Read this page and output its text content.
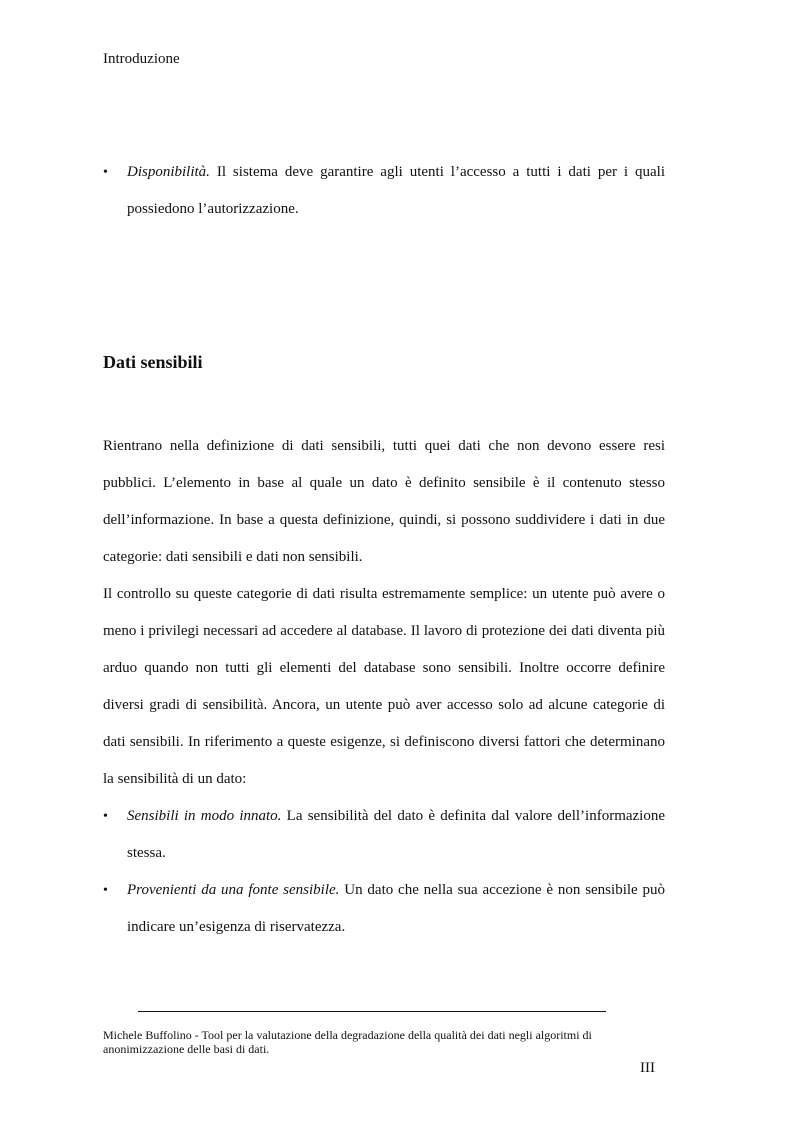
Introduzione
•	Disponibilità. Il sistema deve garantire agli utenti l’accesso a tutti i dati per i quali possiedono l’autorizzazione.
Dati sensibili

Rientrano nella definizione di dati sensibili, tutti quei dati che non devono essere resi pubblici. L’elemento in base al quale un dato è definito sensibile è il contenuto stesso dell’informazione. In base a questa definizione, quindi, si possono suddividere i dati in due categorie: dati sensibili e dati non sensibili.

Il controllo su queste categorie di dati risulta estremamente semplice: un utente può avere o meno i privilegi necessari ad accedere al database. Il lavoro di protezione dei dati diventa più arduo quando non tutti gli elementi del database sono sensibili. Inoltre occorre definire diversi gradi di sensibilità. Ancora, un utente può aver accesso solo ad alcune categorie di dati sensibili. In riferimento a queste esigenze, si definiscono diversi fattori che determinano la sensibilità di un dato:

•	Sensibili in modo innato. La sensibilità del dato è definita dal valore dell’informazione stessa.
•	Provenienti da una fonte sensibile. Un dato che nella sua accezione è non sensibile può indicare un’esigenza di riservatezza.
Michele Buffolino - Tool per la valutazione della degradazione della qualità dei dati negli algoritmi di anonimizzazione delle basi di dati.
III
